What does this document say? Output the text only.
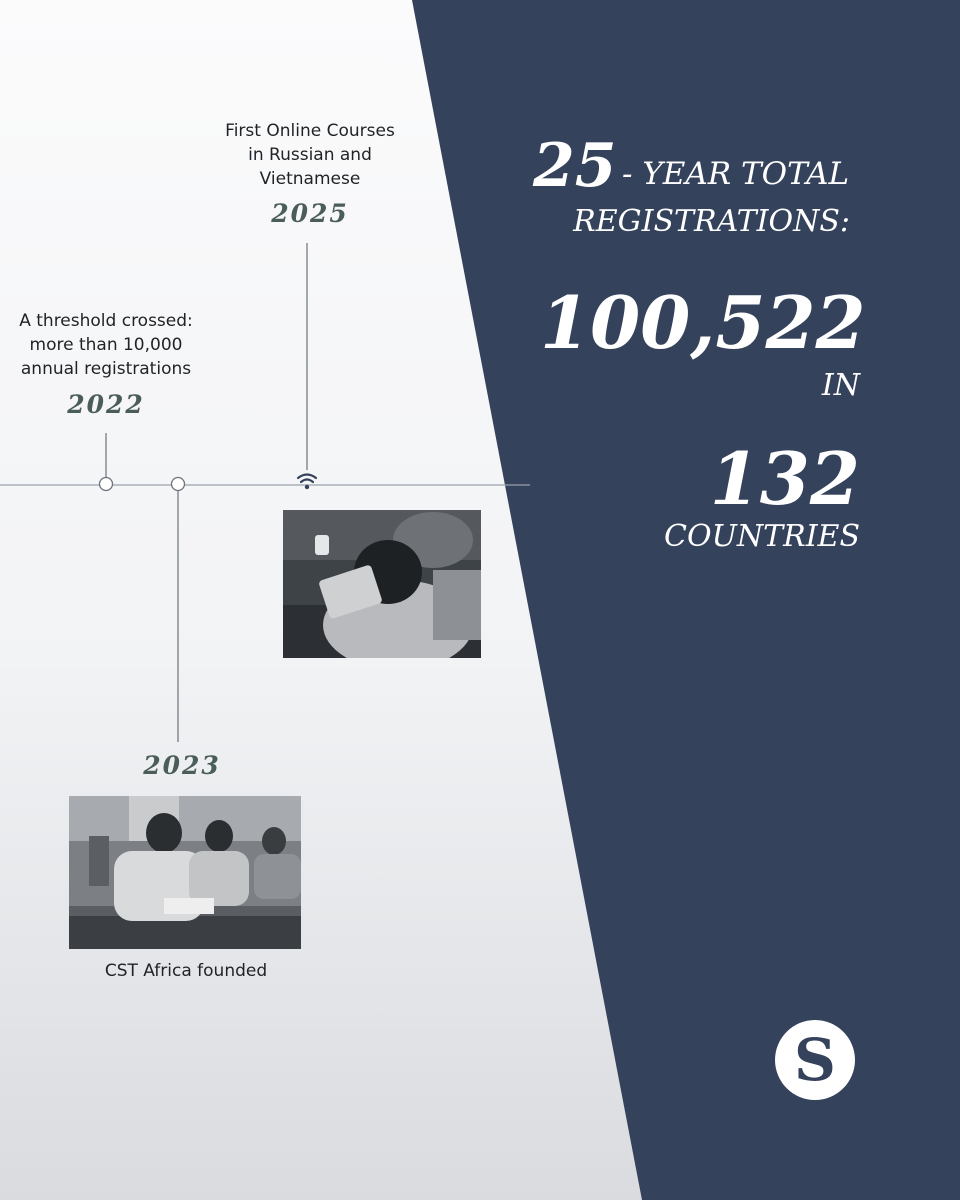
First Online Courses
in Russian and
Vietnamese
2025
A threshold crossed:
more than 10,000
annual registrations
2022
2023
CST Africa founded
25 - YEAR TOTAL
REGISTRATIONS:
100,522
IN
132
COUNTRIES
S
